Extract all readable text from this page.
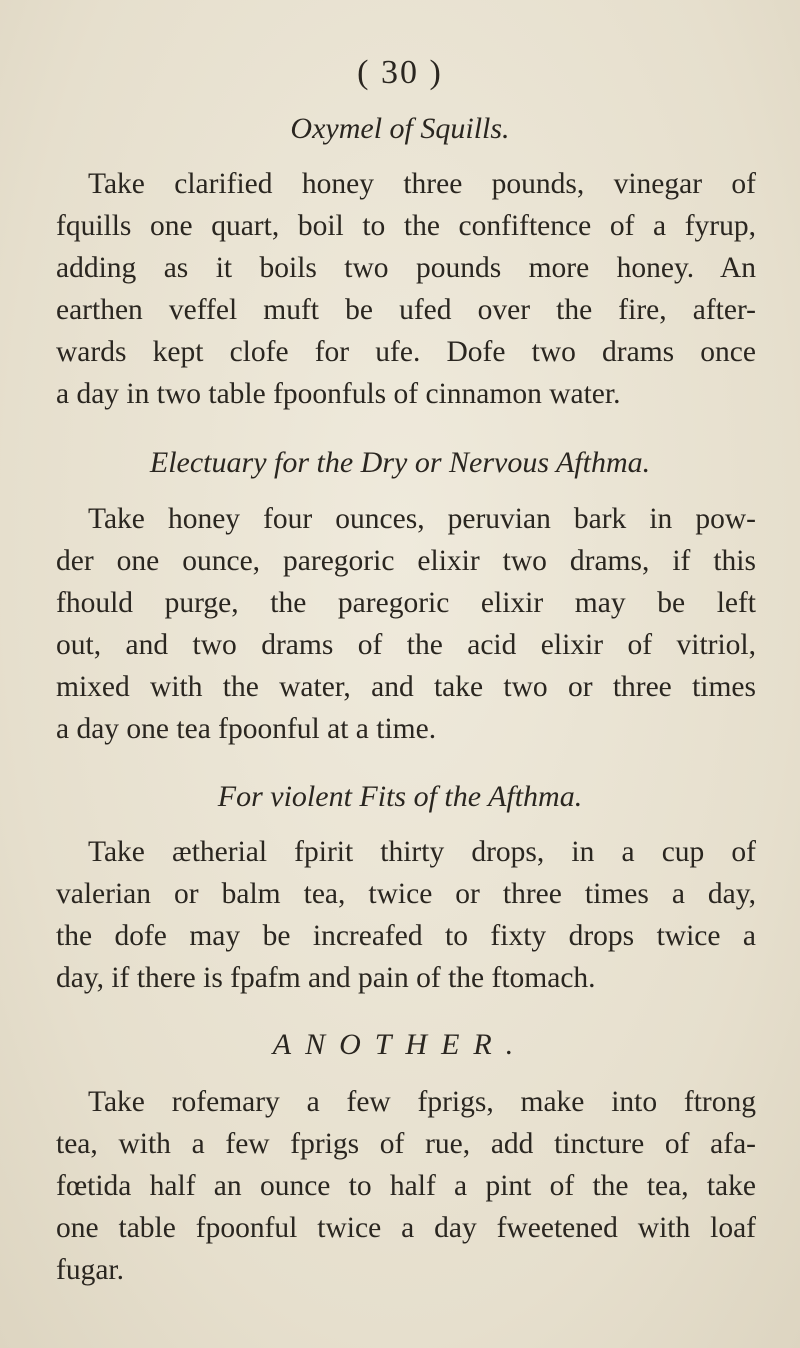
( 30 )
Oxymel of Squills.
Take clarified honey three pounds, vinegar of
fquills one quart, boil to the confiftence of a fyrup,
adding as it boils two pounds more honey. An
earthen veffel muft be ufed over the fire, after-
wards kept clofe for ufe. Dofe two drams once
a day in two table fpoonfuls of cinnamon water.
Electuary for the Dry or Nervous Afthma.
Take honey four ounces, peruvian bark in pow-
der one ounce, paregoric elixir two drams, if this
fhould purge, the paregoric elixir may be left
out, and two drams of the acid elixir of vitriol,
mixed with the water, and take two or three times
a day one tea fpoonful at a time.
For violent Fits of the Afthma.
Take ætherial fpirit thirty drops, in a cup of
valerian or balm tea, twice or three times a day,
the dofe may be increafed to fixty drops twice a
day, if there is fpafm and pain of the ftomach.
ANOTHER.
Take rofemary a few fprigs, make into ftrong
tea, with a few fprigs of rue, add tincture of afa-
fœtida half an ounce to half a pint of the tea, take
one table fpoonful twice a day fweetened with loaf
fugar.
